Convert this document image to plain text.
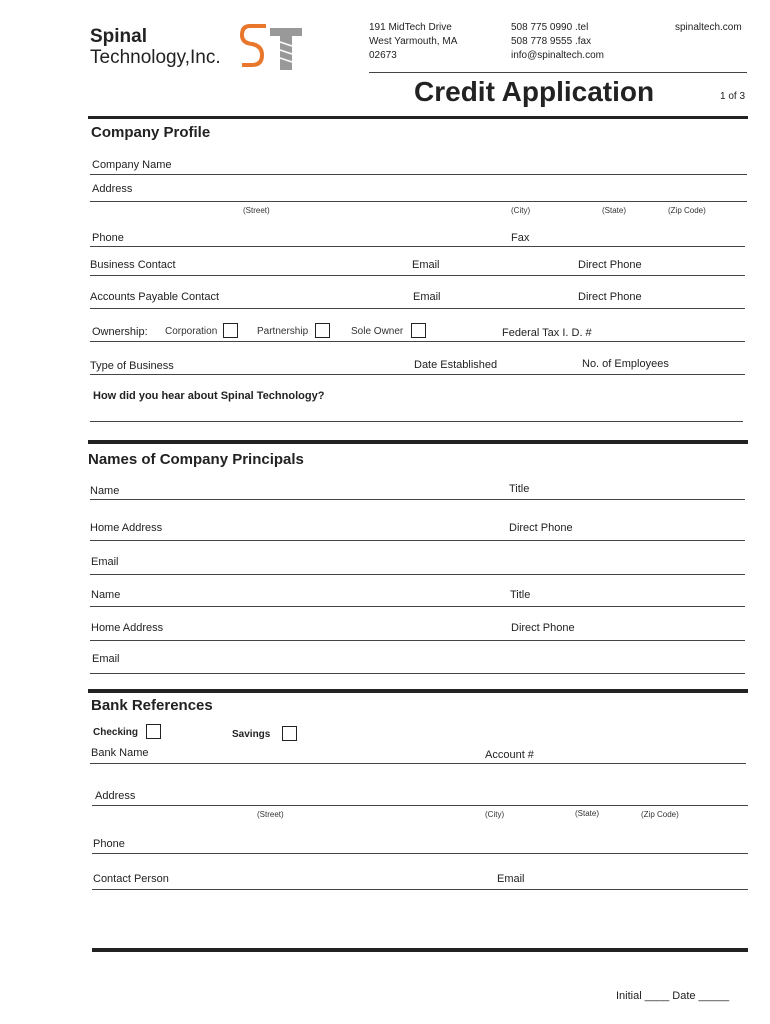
Spinal
Technology,Inc.
191 MidTech Drive
West Yarmouth, MA
02673
508 775 0990 .tel
508 778 9555 .fax
info@spinaltech.com
spinaltech.com
Credit Application	1 of 3
Company Profile
Company Name
Address
(Street)	(City)	(State)	(Zip Code)
Phone	Fax
Business Contact	Email	Direct Phone
Accounts Payable Contact	Email	Direct Phone
Ownership: Corporation	Partnership	Sole Owner	Federal Tax I. D. #
Type of Business	Date Established	No. of Employees
How did you hear about Spinal Technology?
Names of Company Principals
Name	Title
Home Address	Direct Phone
Email
Name	Title
Home Address	Direct Phone
Email
Bank References
Checking	Savings
Bank Name	Account #
Address
(Street)	(City)	(State)	(Zip Code)
Phone
Contact Person	Email
Initial ____ Date _____
